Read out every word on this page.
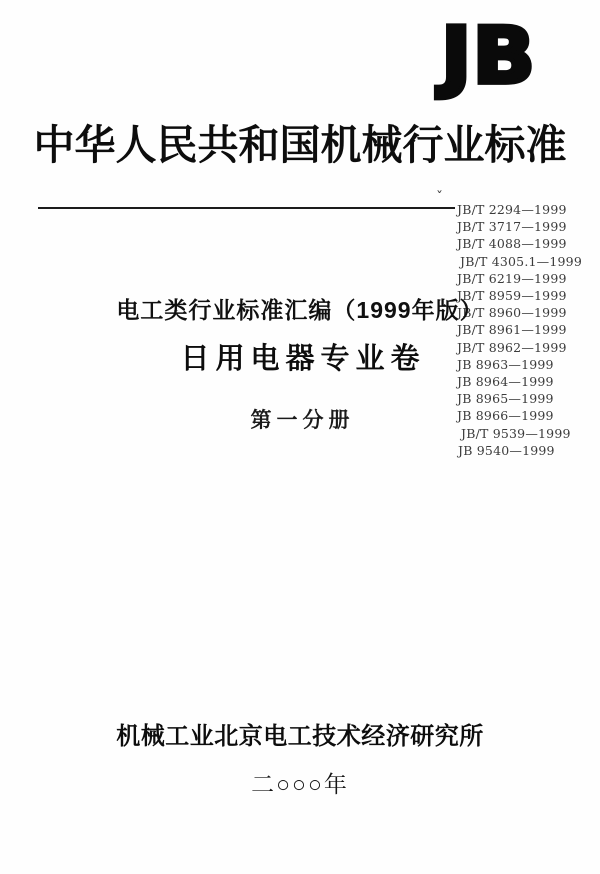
JB
中华人民共和国机械行业标准
ˇ
JB/T 2294—1999
JB/T 3717—1999
JB/T 4088—1999
JB/T 4305.1—1999
JB/T 6219—1999
JB/T 8959—1999
JB/T 8960—1999
JB/T 8961—1999
JB/T 8962—1999
JB 8963—1999
JB 8964—1999
JB 8965—1999
JB 8966—1999
JB/T 9539—1999
JB 9540—1999
电工类行业标准汇编（1999年版）
日用电器专业卷
第一分册
机械工业北京电工技术经济研究所
二○○○年
